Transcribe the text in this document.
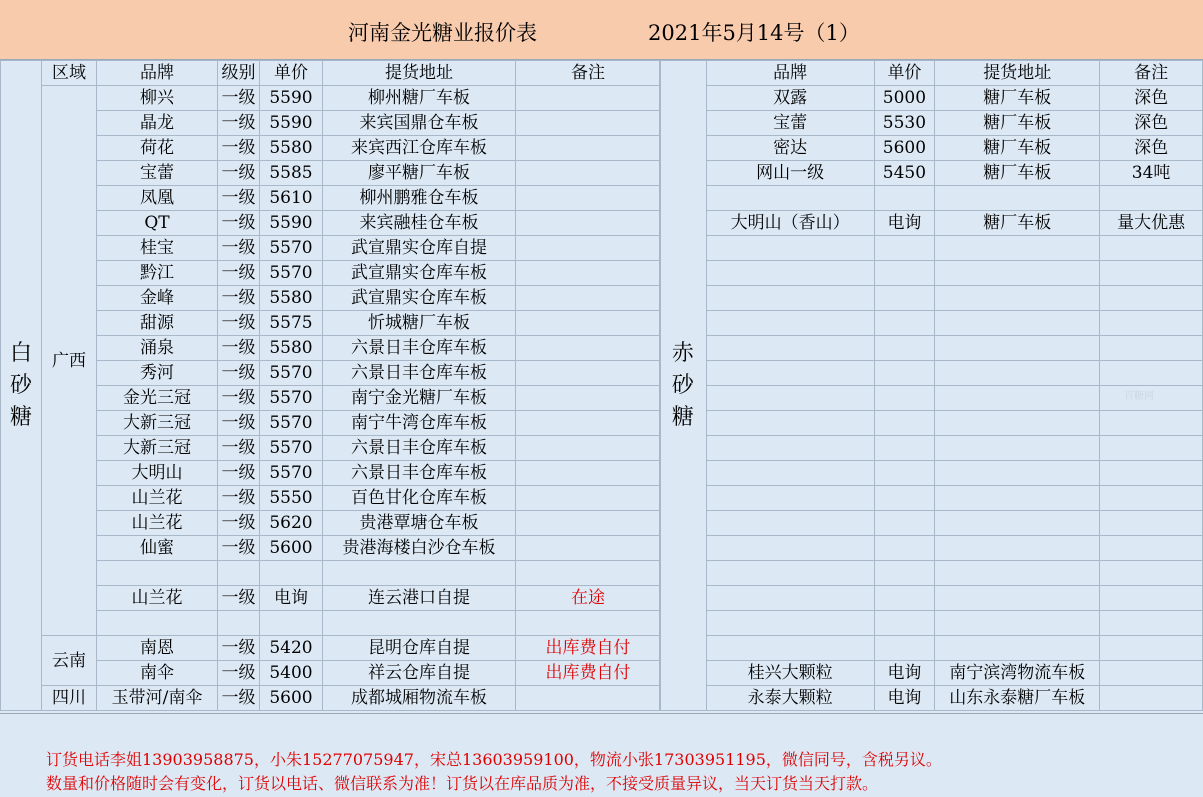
河南金光糖业报价表	2021年5月14号（1）
白
砂
糖	区域	品牌	级别	单价	提货地址	备注
	广西	柳兴	一级	5590	柳州糖厂车板	
		晶龙	一级	5590	来宾国鼎仓车板	
		荷花	一级	5580	来宾西江仓库车板	
		宝蕾	一级	5585	廖平糖厂车板	
		凤凰	一级	5610	柳州鹏雅仓车板	
		QT	一级	5590	来宾融桂仓车板	
		桂宝	一级	5570	武宣鼎实仓库自提	
		黔江	一级	5570	武宣鼎实仓库车板	
		金峰	一级	5580	武宣鼎实仓库车板	
		甜源	一级	5575	忻城糖厂车板	
		涌泉	一级	5580	六景日丰仓库车板	
		秀河	一级	5570	六景日丰仓库车板	
		金光三冠	一级	5570	南宁金光糖厂车板	
		大新三冠	一级	5570	南宁牛湾仓库车板	
		大新三冠	一级	5570	六景日丰仓库车板	
		大明山	一级	5570	六景日丰仓库车板	
		山兰花	一级	5550	百色甘化仓库车板	
		山兰花	一级	5620	贵港覃塘仓车板	
		仙蜜	一级	5600	贵港海楼白沙仓车板	

		山兰花	一级	电询	连云港口自提	在途

	云南	南恩	一级	5420	昆明仓库自提	出库费自付
		南伞	一级	5400	祥云仓库自提	出库费自付
	四川	玉带河/南伞	一级	5600	成都城厢物流车板	
赤
砂
糖	品牌	单价	提货地址	备注
	双露	5000	糖厂车板	深色
	宝蕾	5530	糖厂车板	深色
	密达	5600	糖厂车板	深色
	网山一级	5450	糖厂车板	34吨

	大明山（香山）	电询	糖厂车板	量大优惠

	桂兴大颗粒	电询	南宁滨湾物流车板	
	永泰大颗粒	电询	山东永泰糖厂车板	
订货电话李姐13903958875，小朱15277075947，宋总13603959100，物流小张17303951195，微信同号，含税另议。
数量和价格随时会有变化，订货以电话、微信联系为准！订货以在库品质为准，不接受质量异议，当天订货当天打款。
百糖网
